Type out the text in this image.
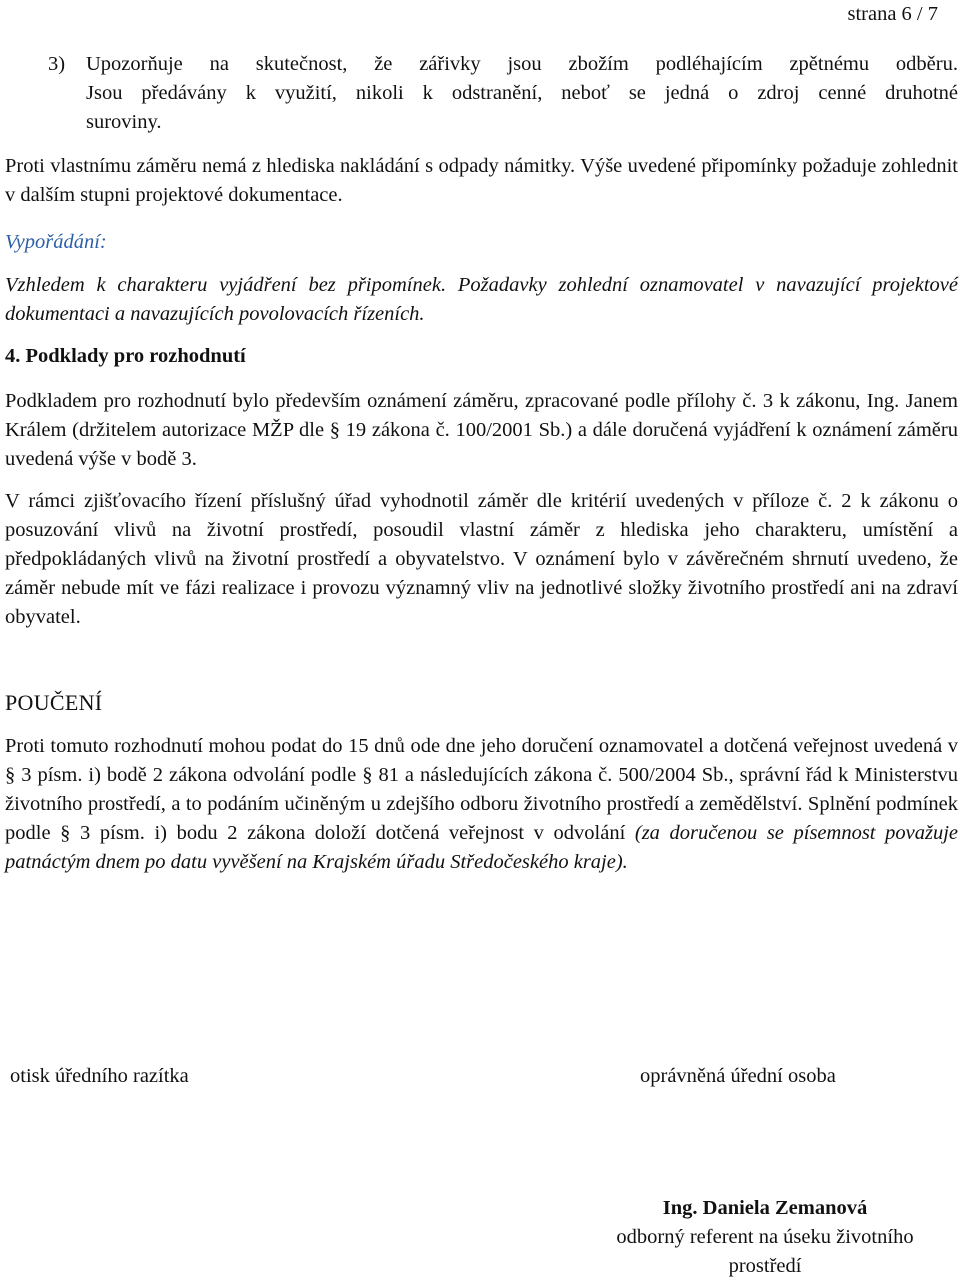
strana 6 / 7
3) Upozorňuje na skutečnost, že zářivky jsou zbožím podléhajícím zpětnému odběru.
Jsou předávány k využití, nikoli k odstranění, neboť se jedná o zdroj cenné druhotné
suroviny.
Proti vlastnímu záměru nemá z hlediska nakládání s odpady námitky. Výše uvedené připomínky požaduje zohlednit v dalším stupni projektové dokumentace.
Vypořádání:
Vzhledem k charakteru vyjádření bez připomínek. Požadavky zohlední oznamovatel v navazující projektové dokumentaci a navazujících povolovacích řízeních.
4. Podklady pro rozhodnutí
Podkladem pro rozhodnutí bylo především oznámení záměru, zpracované podle přílohy č. 3 k zákonu, Ing. Janem Králem (držitelem autorizace MŽP dle § 19 zákona č. 100/2001 Sb.) a dále doručená vyjádření k oznámení záměru uvedená výše v bodě 3.
V rámci zjišťovacího řízení příslušný úřad vyhodnotil záměr dle kritérií uvedených v příloze č. 2 k zákonu o posuzování vlivů na životní prostředí, posoudil vlastní záměr z hlediska jeho charakteru, umístění a předpokládaných vlivů na životní prostředí a obyvatelstvo. V oznámení bylo v závěrečném shrnutí uvedeno, že záměr nebude mít ve fázi realizace i provozu významný vliv na jednotlivé složky životního prostředí ani na zdraví obyvatel.
POUČENÍ
Proti tomuto rozhodnutí mohou podat do 15 dnů ode dne jeho doručení oznamovatel a dotčená veřejnost uvedená v § 3 písm. i) bodě 2 zákona odvolání podle § 81 a následujících zákona č. 500/2004 Sb., správní řád k Ministerstvu životního prostředí, a to podáním učiněným u zdejšího odboru životního prostředí a zemědělství. Splnění podmínek podle § 3 písm. i) bodu 2 zákona doloží dotčená veřejnost v odvolání (za doručenou se písemnost považuje patnáctým dnem po datu vyvěšení na Krajském úřadu Středočeského kraje).
otisk úředního razítka	oprávněná úřední osoba
Ing. Daniela Zemanová
odborný referent na úseku životního
prostředí
